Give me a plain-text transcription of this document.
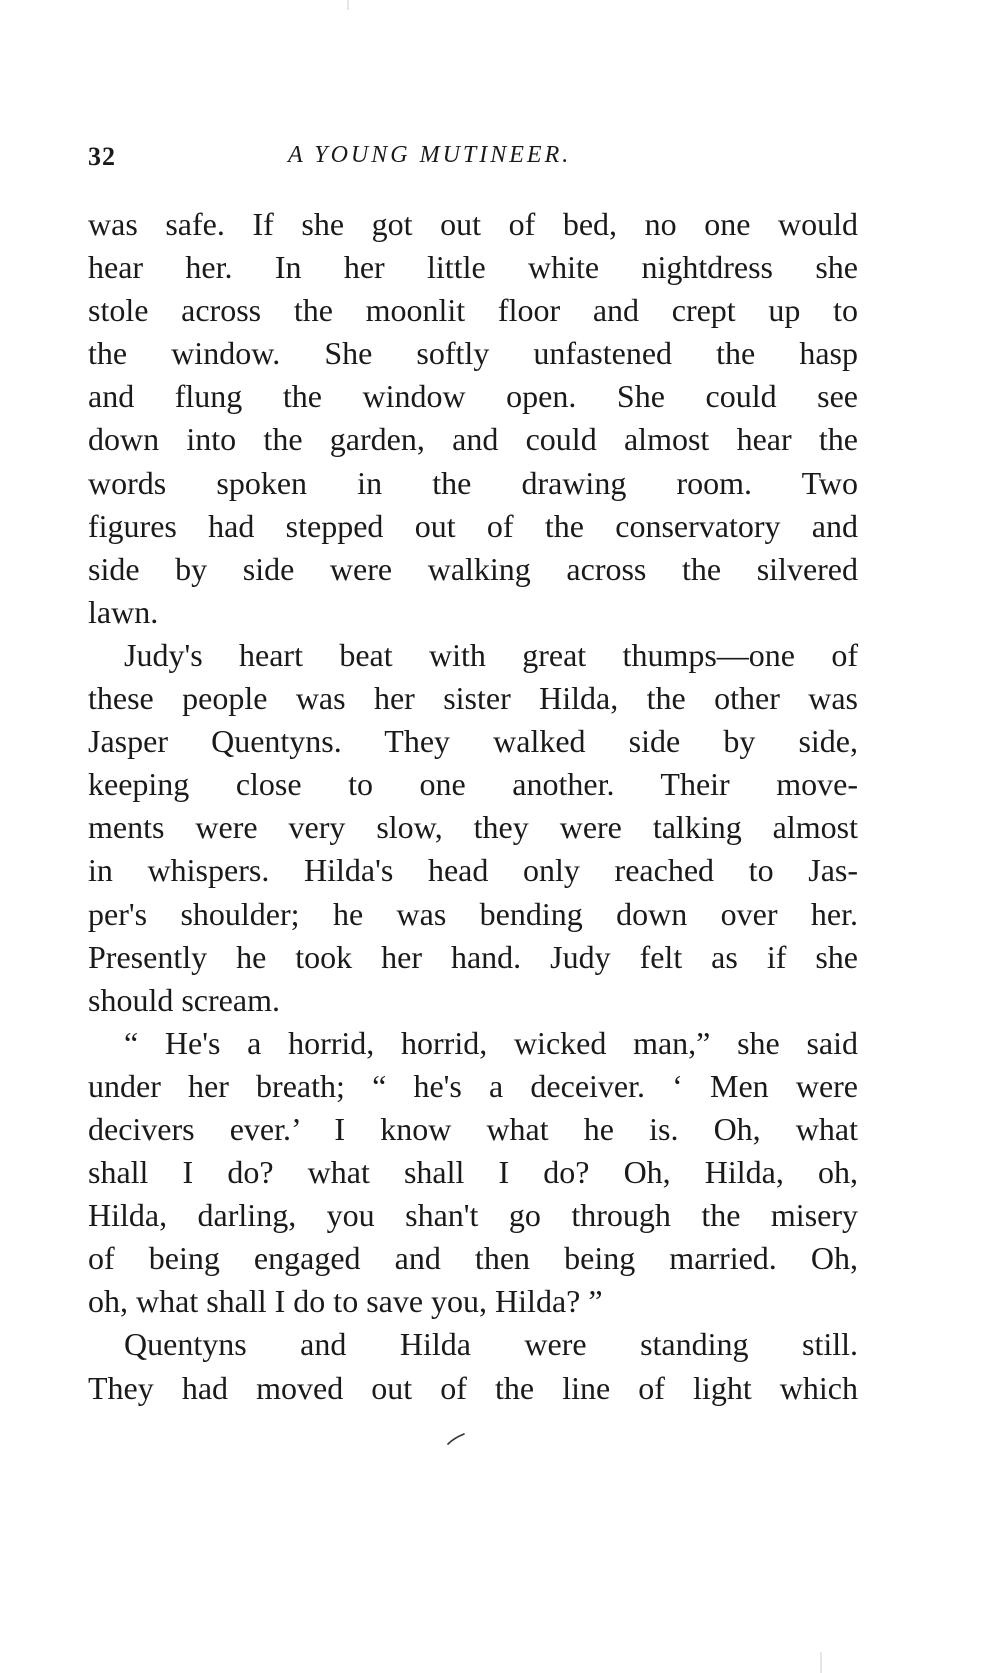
32	A YOUNG MUTINEER.
was safe. If she got out of bed, no one would
hear her. In her little white nightdress she
stole across the moonlit floor and crept up to
the window. She softly unfastened the hasp
and flung the window open. She could see
down into the garden, and could almost hear the
words spoken in the drawing room. Two
figures had stepped out of the conservatory and
side by side were walking across the silvered
lawn.
Judy's heart beat with great thumps—one of
these people was her sister Hilda, the other was
Jasper Quentyns. They walked side by side,
keeping close to one another. Their move-
ments were very slow, they were talking almost
in whispers. Hilda's head only reached to Jas-
per's shoulder; he was bending down over her.
Presently he took her hand. Judy felt as if she
should scream.
“ He's a horrid, horrid, wicked man,” she said
under her breath; “ he's a deceiver. ‘ Men were
decivers ever.’ I know what he is. Oh, what
shall I do? what shall I do? Oh, Hilda, oh,
Hilda, darling, you shan't go through the misery
of being engaged and then being married. Oh,
oh, what shall I do to save you, Hilda? ”
Quentyns and Hilda were standing still.
They had moved out of the line of light which
